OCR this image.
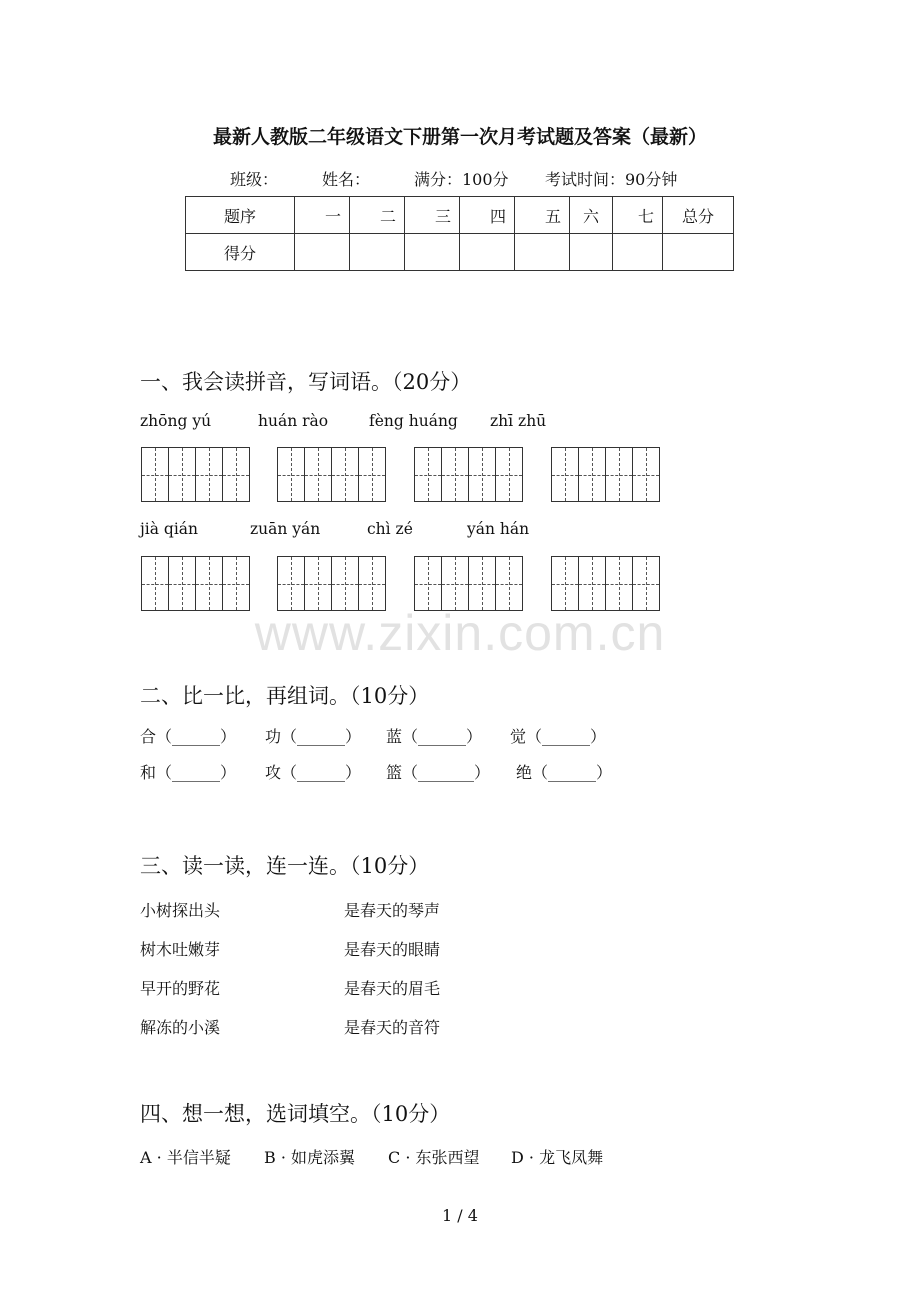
最新人教版二年级语文下册第一次月考试题及答案（最新）
班级：	姓名：	满分：100分 考试时间：90分钟
题序	一	二	三	四	五	六	七	总分
得分								
一、我会读拼音，写词语。（20分）
zhōng yú	huán rào	fèng huáng zhī zhū
jià qián	zuān yán	chì zé	yán hán
www.zixin.com.cn
二、比一比，再组词。（10分）
合（______） 功（______） 蓝（______） 觉（______）
和（______） 攻（______） 篮（_______） 绝（______）
三、读一读，连一连。（10分）
小树探出头	是春天的琴声
树木吐嫩芽	是春天的眼睛
早开的野花	是春天的眉毛
解冻的小溪	是春天的音符
四、想一想，选词填空。（10分）
A · 半信半疑 B · 如虎添翼 C · 东张西望 D · 龙飞凤舞
1 / 4
